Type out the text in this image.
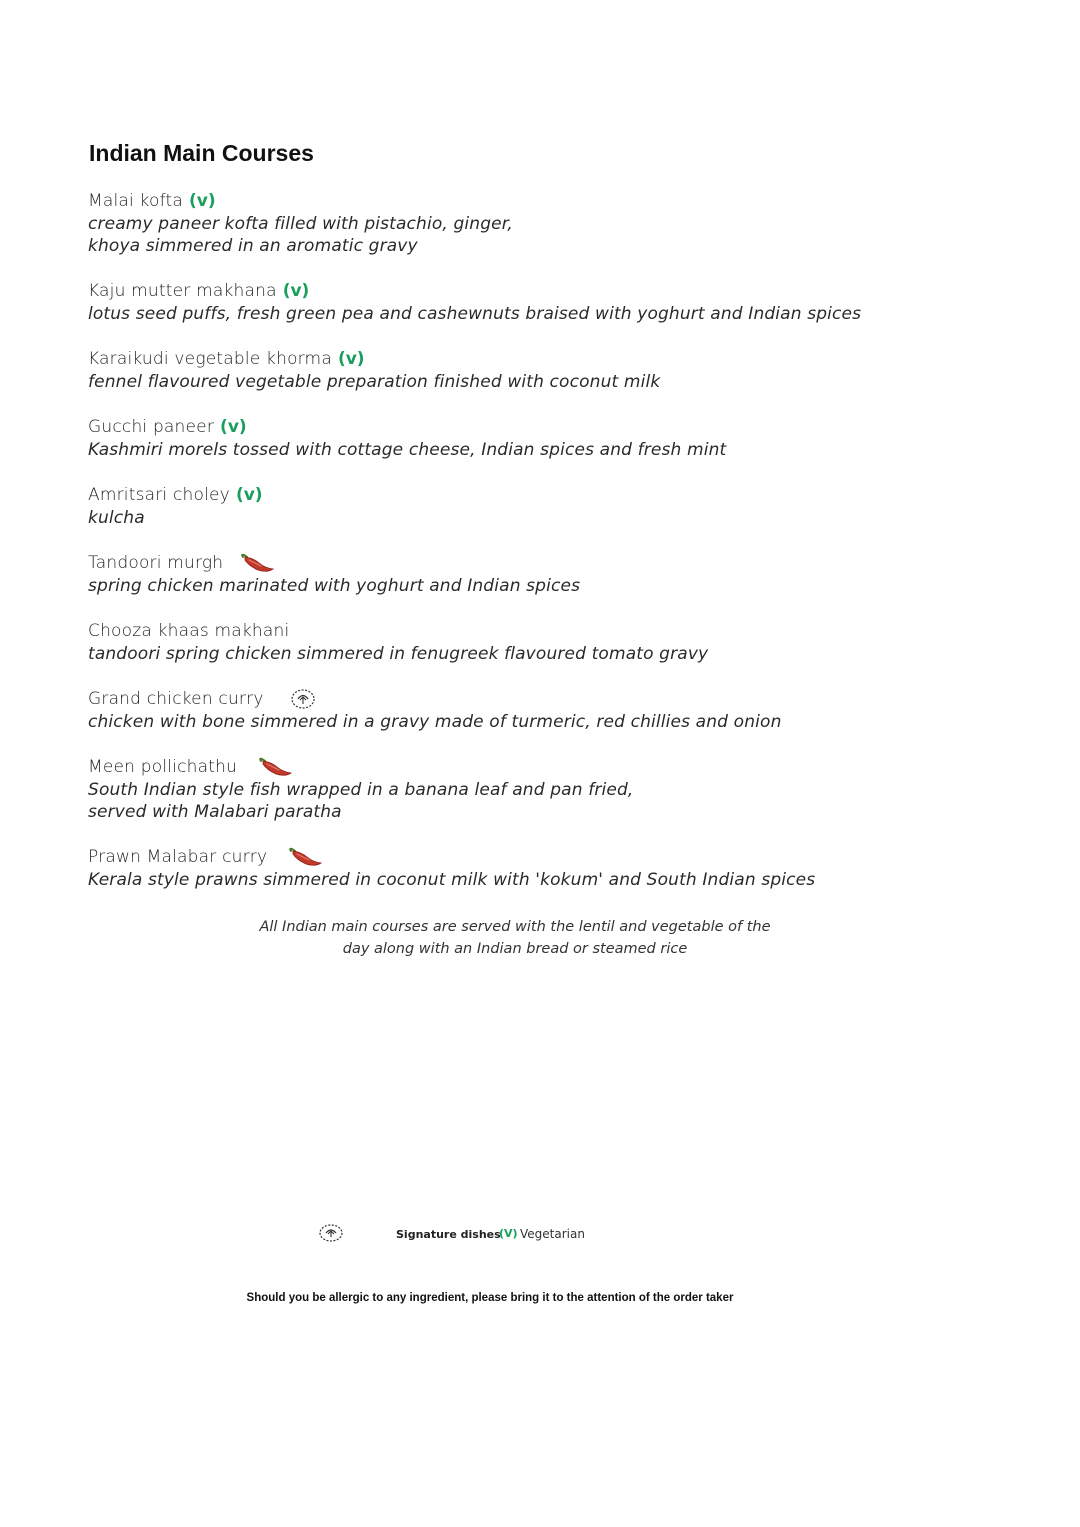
Indian Main Courses
Malai kofta (v)
creamy paneer kofta filled with pistachio, ginger,
khoya simmered in an aromatic gravy
Kaju mutter makhana (v)
lotus seed puffs, fresh green pea and cashewnuts braised with yoghurt and Indian spices
Karaikudi vegetable khorma (v)
fennel flavoured vegetable preparation finished with coconut milk
Gucchi paneer (v)
Kashmiri morels tossed with cottage cheese, Indian spices and fresh mint
Amritsari choley (v)
kulcha
Tandoori murgh
spring chicken marinated with yoghurt and Indian spices
Chooza khaas makhani
tandoori spring chicken simmered in fenugreek flavoured tomato gravy
Grand chicken curry
chicken with bone simmered in a gravy made of turmeric, red chillies and onion
Meen pollichathu
South Indian style fish wrapped in a banana leaf and pan fried,
served with Malabari paratha
Prawn Malabar curry
Kerala style prawns simmered in coconut milk with 'kokum' and South Indian spices

All Indian main courses are served with the lentil and vegetable of the
day along with an Indian bread or steamed rice

Signature dishes
(V) Vegetarian
Should you be allergic to any ingredient, please bring it to the attention of the order taker
